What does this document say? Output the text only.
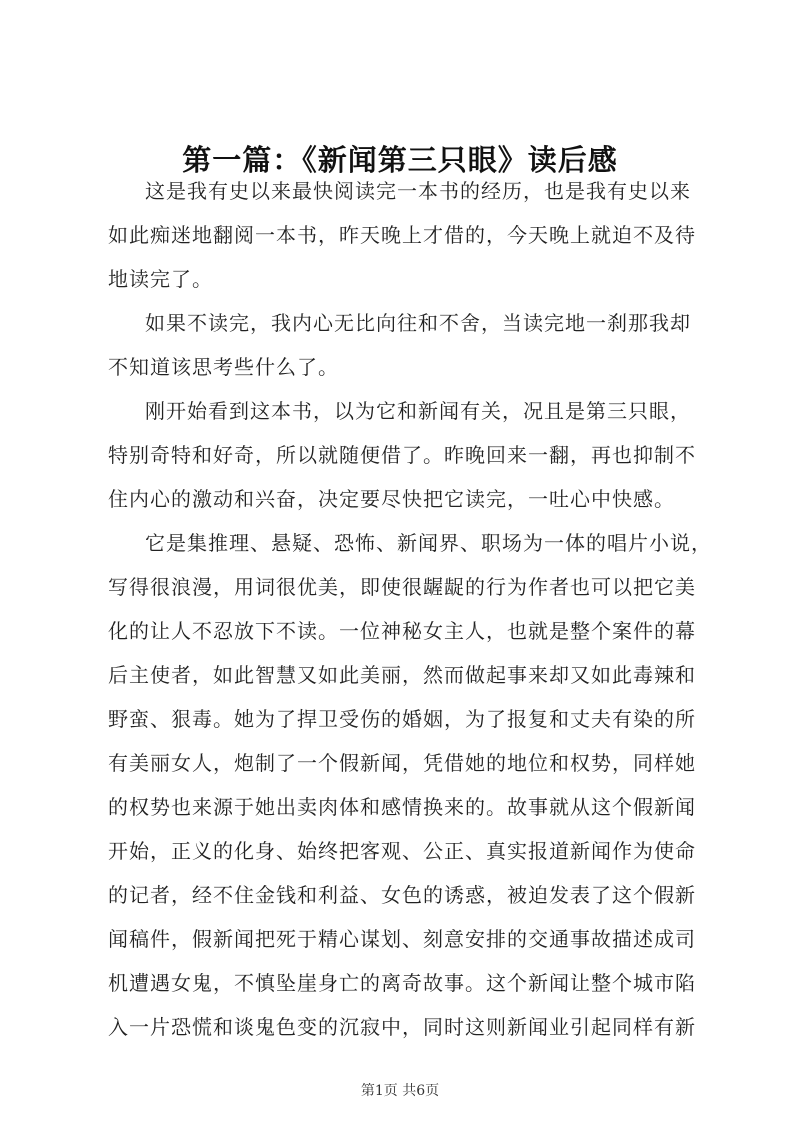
第一篇：《新闻第三只眼》读后感
这是我有史以来最快阅读完一本书的经历，也是我有史以来
如此痴迷地翻阅一本书，昨天晚上才借的，今天晚上就迫不及待
地读完了。
如果不读完，我内心无比向往和不舍，当读完地一刹那我却
不知道该思考些什么了。
刚开始看到这本书，以为它和新闻有关，况且是第三只眼，
特别奇特和好奇，所以就随便借了。昨晚回来一翻，再也抑制不
住内心的激动和兴奋，决定要尽快把它读完，一吐心中快感。
它是集推理、悬疑、恐怖、新闻界、职场为一体的唱片小说，
写得很浪漫，用词很优美，即使很龌龊的行为作者也可以把它美
化的让人不忍放下不读。一位神秘女主人，也就是整个案件的幕
后主使者，如此智慧又如此美丽，然而做起事来却又如此毒辣和
野蛮、狠毒。她为了捍卫受伤的婚姻，为了报复和丈夫有染的所
有美丽女人，炮制了一个假新闻，凭借她的地位和权势，同样她
的权势也来源于她出卖肉体和感情换来的。故事就从这个假新闻
开始，正义的化身、始终把客观、公正、真实报道新闻作为使命
的记者，经不住金钱和利益、女色的诱惑，被迫发表了这个假新
闻稿件，假新闻把死于精心谋划、刻意安排的交通事故描述成司
机遭遇女鬼，不慎坠崖身亡的离奇故事。这个新闻让整个城市陷
入一片恐慌和谈鬼色变的沉寂中，同时这则新闻业引起同样有新
第1页 共6页
